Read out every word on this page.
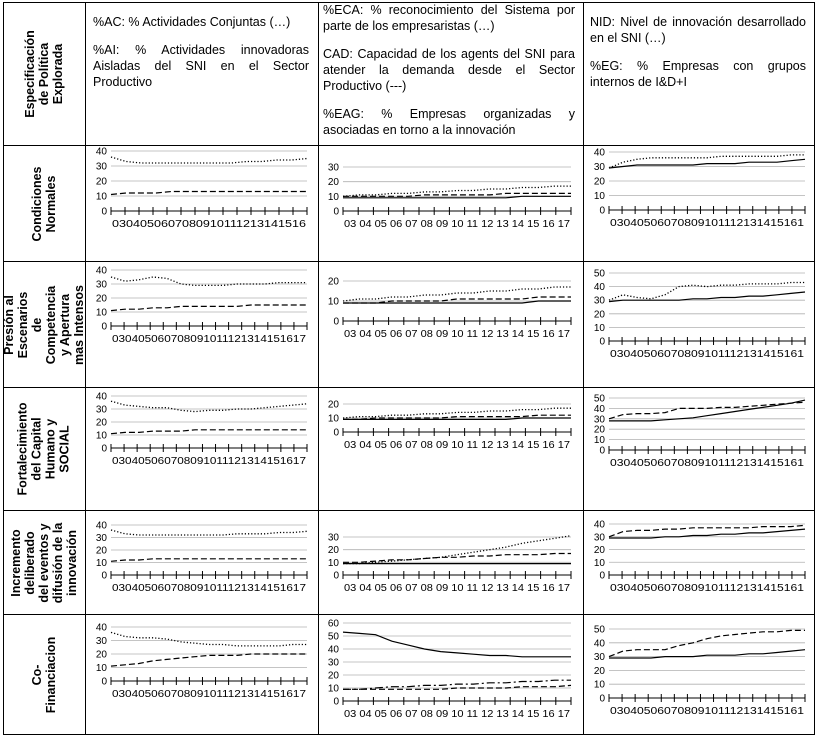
Especificación de Política Explorada

%AC: % Actividades Conjuntas (…)

%AI: % Actividades innovadoras Aisladas del SNI en el Sector Productivo

%ECA: % reconocimiento del Sistema por parte de los empresaristas (…)

CAD: Capacidad de los agents del SNI para atender la demanda desde el Sector Productivo (---)

%EAG: % Empresas organizadas y asociadas en torno a la innovación

NID: Nivel de innovación desarrollado en el SNI (…)

%EG: % Empresas con grupos internos de I&D+I

Condiciones Normales
Presión al Escenarios de Competencia y Apertura mas Intensos
Fortalecimiento del Capital Humano y SOCIAL
Incremento deliberado del eventos y difusión de la innovación
Co-Financiacion
0
10
20
30
40
0304050607080910111213141516
0
10
20
30
03 04 05 06 07 08 09 10 11 12 13 14 15 16 17
0
10
20
30
40
03040506070809101112131415161
0
10
20
30
40
030405060708091011121314151617
0
10
20
03 04 05 06 07 08 09 10 11 12 13 14 15 16 17
0
10
20
30
40
50
03040506070809101112131415161
0
10
20
30
40
030405060708091011121314151617
0
10
20
03 04 05 06 07 08 09 10 11 12 13 14 15 16 17	0
10
20
30
40
50
03040506070809101112131415161
0
10
20
30
40
030405060708091011121314151617
0
10
20
30
03 04 05 06 07 08 09 10 11 12 13 14 15 16 17
0
10
20
30
40
03040506070809101112131415161
0
10
20
30
40
030405060708091011121314151617
0
10
20
30
40
50
60
03 04 05 06 07 08 09 10 11 12 13 14 15 16 17
0
10
20
30
40
50
03040506070809101112131415161
